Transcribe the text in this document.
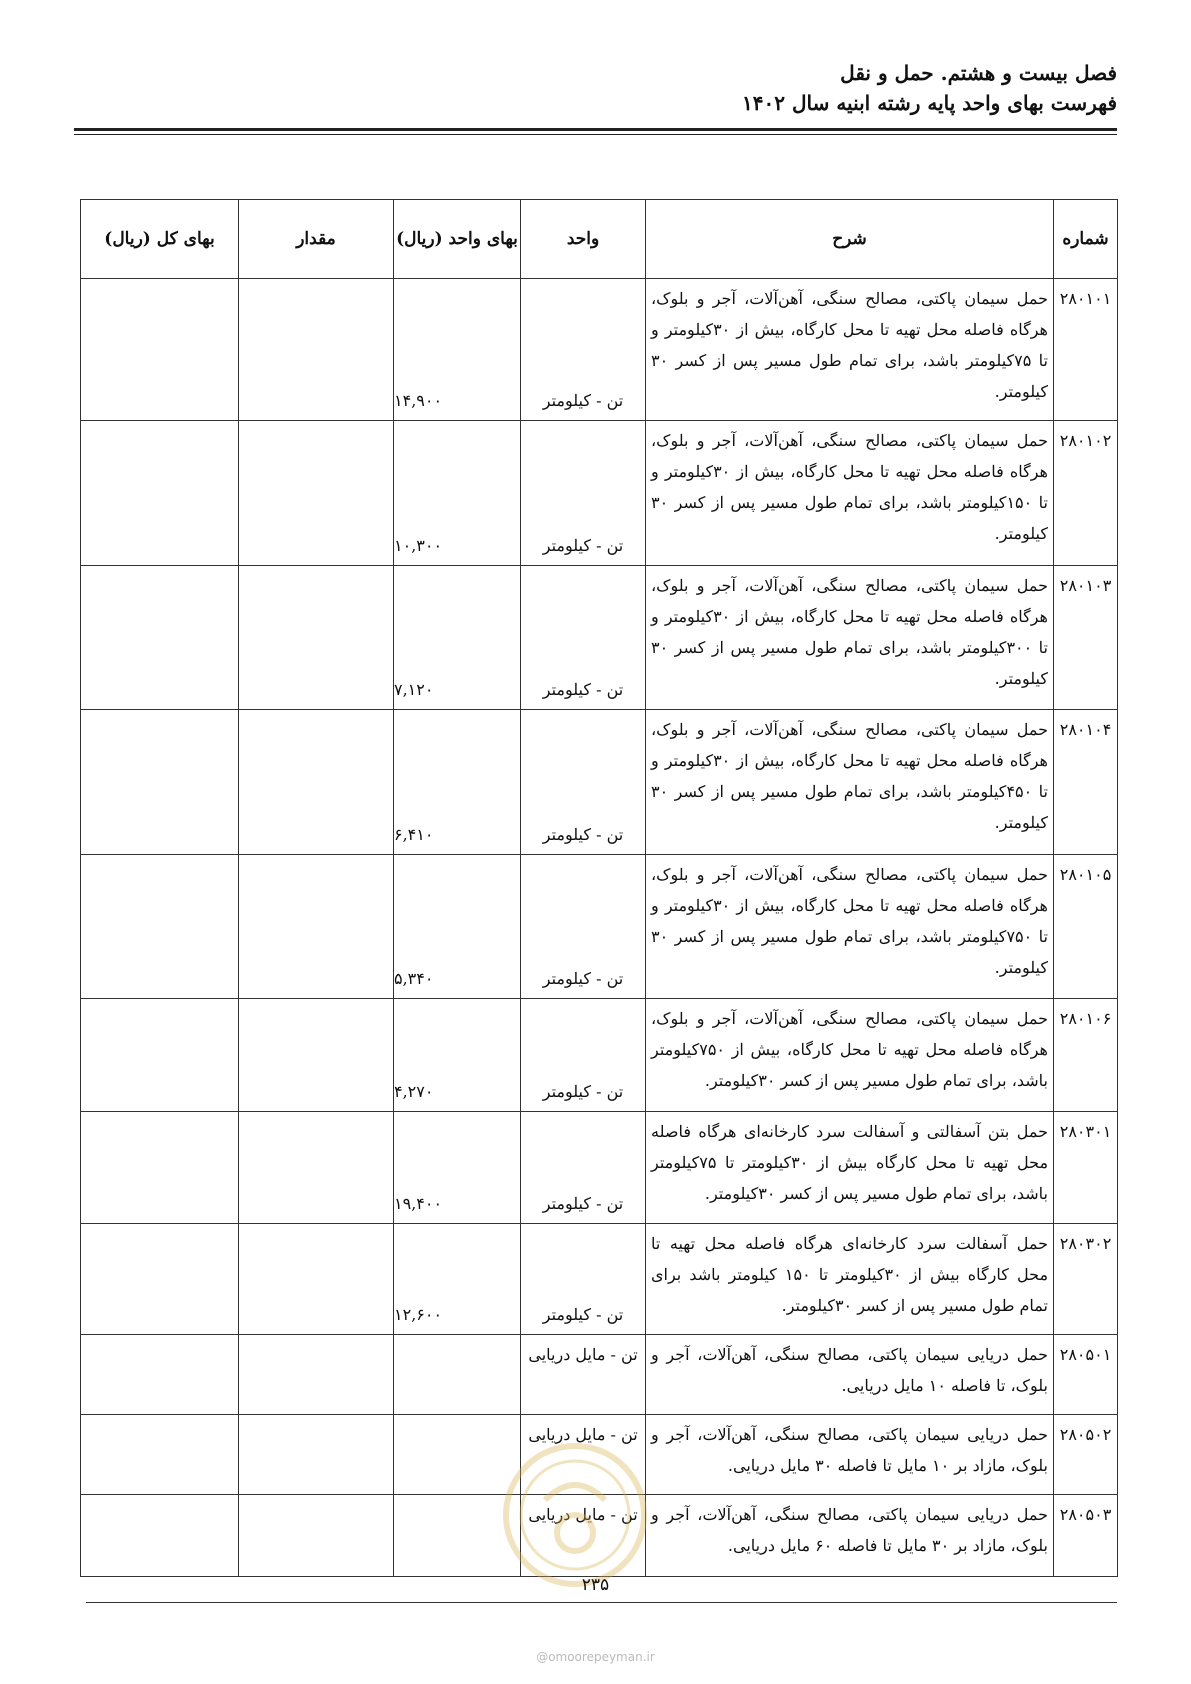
فصل بیست و هشتم. حمل و نقل
فهرست بهای واحد پایه رشته ابنیه سال ۱۴۰۲
شماره	شرح	واحد	بهای واحد (ریال)	مقدار	بهای کل (ریال)
۲۸۰۱۰۱	حمل سیمان پاکتی، مصالح سنگی، آهن‌آلات، آجر و بلوک، هرگاه فاصله محل تهیه تا محل کارگاه، بیش از ۳۰کیلومتر و تا ۷۵کیلومتر باشد، برای تمام طول مسیر پس از کسر ۳۰ کیلومتر.	تن - کیلومتر	۱۴,۹۰۰		
۲۸۰۱۰۲	حمل سیمان پاکتی، مصالح سنگی، آهن‌آلات، آجر و بلوک، هرگاه فاصله محل تهیه تا محل کارگاه، بیش از ۳۰کیلومتر و تا ۱۵۰کیلومتر باشد، برای تمام طول مسیر پس از کسر ۳۰ کیلومتر.	تن - کیلومتر	۱۰,۳۰۰		
۲۸۰۱۰۳	حمل سیمان پاکتی، مصالح سنگی، آهن‌آلات، آجر و بلوک، هرگاه فاصله محل تهیه تا محل کارگاه، بیش از ۳۰کیلومتر و تا ۳۰۰کیلومتر باشد، برای تمام طول مسیر پس از کسر ۳۰ کیلومتر.	تن - کیلومتر	۷,۱۲۰		
۲۸۰۱۰۴	حمل سیمان پاکتی، مصالح سنگی، آهن‌آلات، آجر و بلوک، هرگاه فاصله محل تهیه تا محل کارگاه، بیش از ۳۰کیلومتر و تا ۴۵۰کیلومتر باشد، برای تمام طول مسیر پس از کسر ۳۰ کیلومتر.	تن - کیلومتر	۶,۴۱۰		
۲۸۰۱۰۵	حمل سیمان پاکتی، مصالح سنگی، آهن‌آلات، آجر و بلوک، هرگاه فاصله محل تهیه تا محل کارگاه، بیش از ۳۰کیلومتر و تا ۷۵۰کیلومتر باشد، برای تمام طول مسیر پس از کسر ۳۰ کیلومتر.	تن - کیلومتر	۵,۳۴۰		
۲۸۰۱۰۶	حمل سیمان پاکتی، مصالح سنگی، آهن‌آلات، آجر و بلوک، هرگاه فاصله محل تهیه تا محل کارگاه، بیش از ۷۵۰کیلومتر باشد، برای تمام طول مسیر پس از کسر ۳۰کیلومتر.	تن - کیلومتر	۴,۲۷۰		
۲۸۰۳۰۱	حمل بتن آسفالتی و آسفالت سرد کارخانه‌ای هرگاه فاصله محل تهیه تا محل کارگاه بیش از ۳۰کیلومتر تا ۷۵کیلومتر باشد، برای تمام طول مسیر پس از کسر ۳۰کیلومتر.	تن - کیلومتر	۱۹,۴۰۰		
۲۸۰۳۰۲	حمل آسفالت سرد کارخانه‌ای هرگاه فاصله محل تهیه تا محل کارگاه بیش از ۳۰کیلومتر تا ۱۵۰ کیلومتر باشد برای تمام طول مسیر پس از کسر ۳۰کیلومتر.	تن - کیلومتر	۱۲,۶۰۰		
۲۸۰۵۰۱	حمل دریایی سیمان پاکتی، مصالح سنگی، آهن‌آلات، آجر و بلوک، تا فاصله ۱۰ مایل دریایی.	تن - مایل دریایی			
۲۸۰۵۰۲	حمل دریایی سیمان پاکتی، مصالح سنگی، آهن‌آلات، آجر و بلوک، مازاد بر ۱۰ مایل تا فاصله ۳۰ مایل دریایی.	تن - مایل دریایی			
۲۸۰۵۰۳	حمل دریایی سیمان پاکتی، مصالح سنگی، آهن‌آلات، آجر و بلوک، مازاد بر ۳۰ مایل تا فاصله ۶۰ مایل دریایی.	تن - مایل دریایی			
۲۳۵
@omoorepeyman.ir
